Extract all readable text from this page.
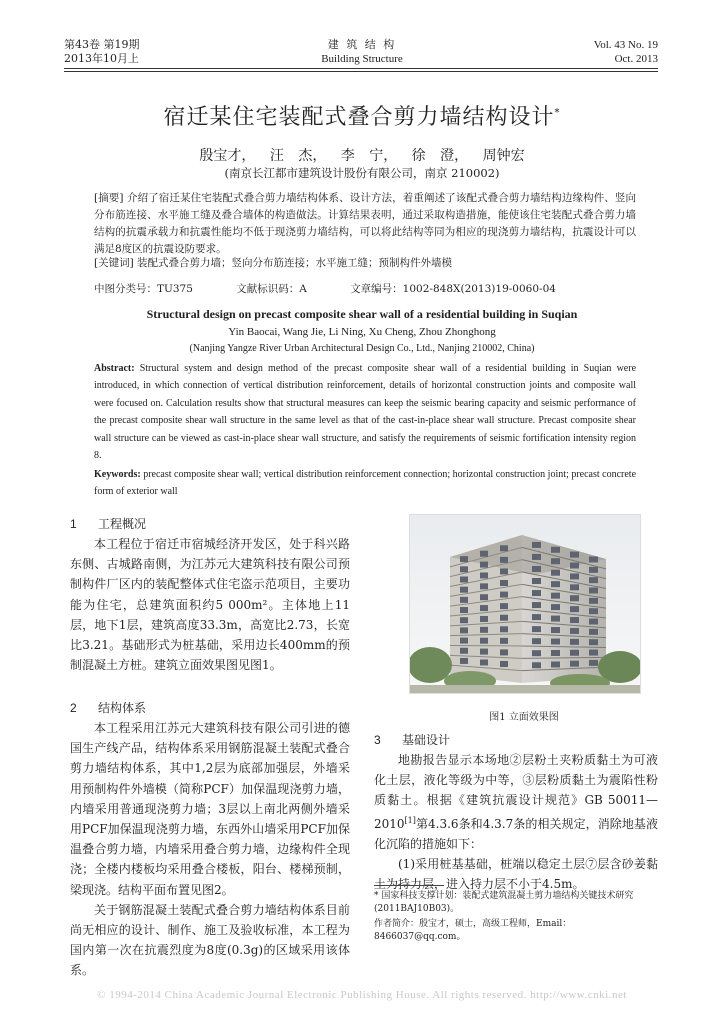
第43卷 第19期
2013年10月上
建 筑 结 构
Building Structure
Vol. 43 No. 19
Oct. 2013
宿迁某住宅装配式叠合剪力墙结构设计*
殷宝才， 汪 杰， 李 宁， 徐 澄， 周钟宏
(南京长江都市建筑设计股份有限公司，南京 210002)
[摘要] 介绍了宿迁某住宅装配式叠合剪力墙结构体系、设计方法，着重阐述了该配式叠合剪力墙结构边缘构件、竖向分布筋连接、水平施工缝及叠合墙体的构造做法。计算结果表明，通过采取构造措施，能使该住宅装配式叠合剪力墙结构的抗震承载力和抗震性能均不低于现浇剪力墙结构，可以将此结构等同为相应的现浇剪力墙结构，抗震设计可以满足8度区的抗震设防要求。
[关键词] 装配式叠合剪力墙；竖向分布筋连接；水平施工缝；预制构件外墙模
中图分类号：TU375	文献标识码：A	文章编号：1002-848X(2013)19-0060-04
Structural design on precast composite shear wall of a residential building in Suqian
Yin Baocai, Wang Jie, Li Ning, Xu Cheng, Zhou Zhonghong
(Nanjing Yangze River Urban Architectural Design Co., Ltd., Nanjing 210002, China)
Abstract: Structural system and design method of the precast composite shear wall of a residential building in Suqian were introduced, in which connection of vertical distribution reinforcement, details of horizontal construction joints and composite wall were focused on. Calculation results show that structural measures can keep the seismic bearing capacity and seismic performance of the precast composite shear wall structure in the same level as that of the cast-in-place shear wall structure. Precast composite shear wall structure can be viewed as cast-in-place shear wall structure, and satisfy the requirements of seismic fortification intensity region 8.
Keywords: precast composite shear wall; vertical distribution reinforcement connection; horizontal construction joint; precast concrete form of exterior wall
1 工程概况

本工程位于宿迁市宿城经济开发区，处于科兴路东侧、古城路南侧，为江苏元大建筑科技有限公司预制构件厂区内的装配整体式住宅盗示范项目，主要功能为住宅，总建筑面积约5 000m²。主体地上11层，地下1层，建筑高度33.3m，高宽比2.73，长宽比3.21。基础形式为桩基础，采用边长400mm的预制混凝土方桩。建筑立面效果图见图1。

2 结构体系

本工程采用江苏元大建筑科技有限公司引进的德国生产线产品，结构体系采用钢筋混凝土装配式叠合剪力墙结构体系，其中1,2层为底部加强层，外墙采用预制构件外墙模（简称PCF）加保温现浇剪力墙，内墙采用普通现浇剪力墙；3层以上南北两侧外墙采用PCF加保温现浇剪力墙，东西外山墙采用PCF加保温叠合剪力墙，内墙采用叠合剪力墙，边缘构件全现浇；全楼内楼板均采用叠合楼板，阳台、楼梯预制，梁现浇。结构平面布置见图2。

关于钢筋混凝土装配式叠合剪力墙结构体系目前尚无相应的设计、制作、施工及验收标准，本工程为国内第一次在抗震烈度为8度(0.3g)的区域采用该体系。

图1 立面效果图
3 基础设计

地勘报告显示本场地②层粉土夹粉质黏土为可液化土层，液化等级为中等，③层粉质黏土为震陷性粉质黏土。根据《建筑抗震设计规范》GB 50011—2010[1]第4.3.6条和4.3.7条的相关规定，消除地基液化沉陷的措施如下：

(1)采用桩基基础，桩端以稳定土层⑦层含砂姜黏土为持力层，进入持力层不小于4.5m。

* 国家科技支撑计划：装配式建筑混凝土剪力墙结构关键技术研究(2011BAJ10B03)。
作者简介：殷宝才，硕士，高级工程师，Email：8466037@qq.com。
© 1994-2014 China Academic Journal Electronic Publishing House. All rights reserved. http://www.cnki.net
